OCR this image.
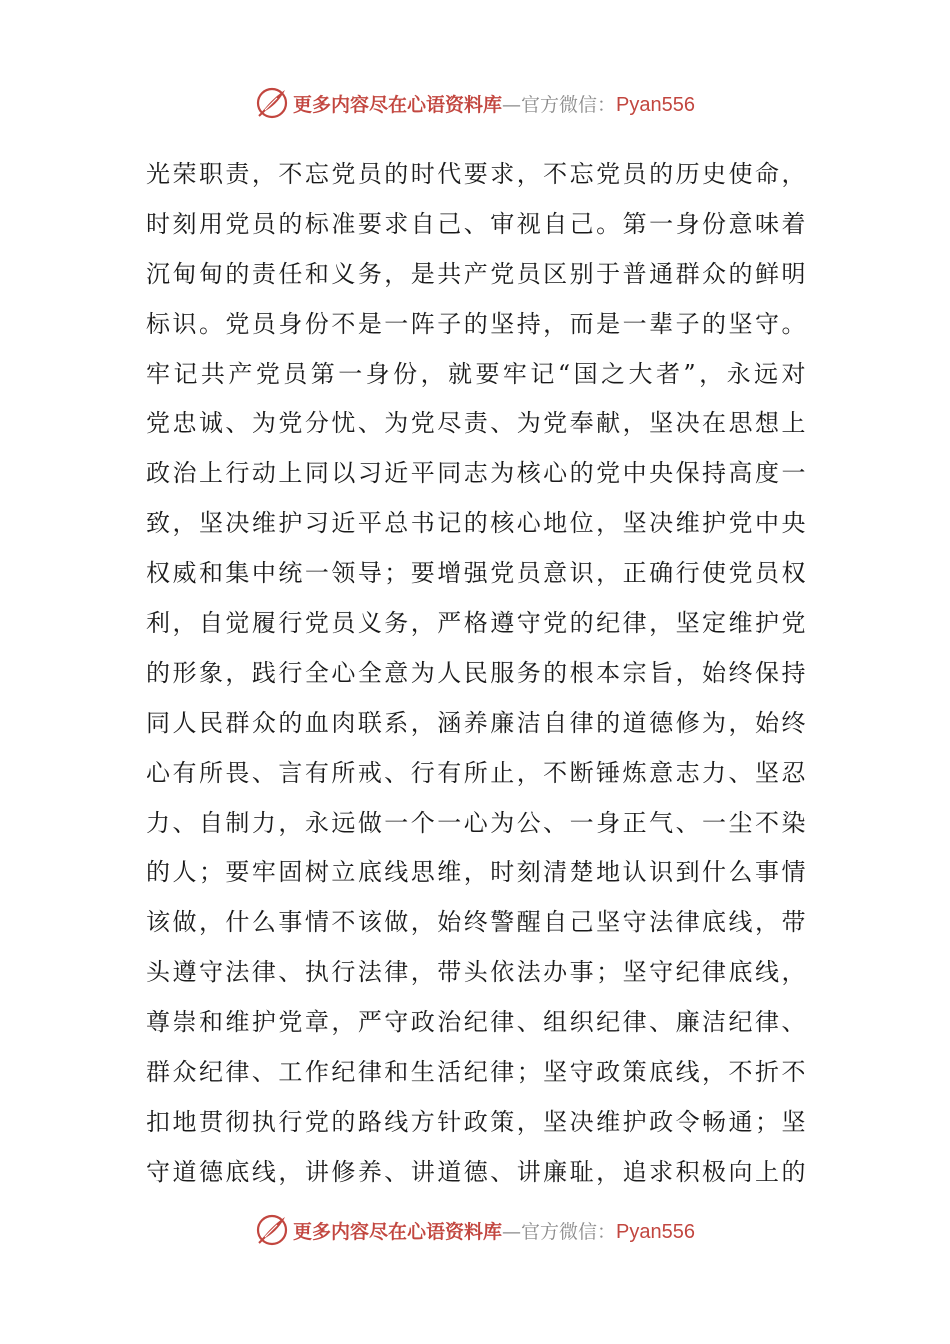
更多内容尽在心语资料库 — 官方微信： Pyan556
光荣职责，不忘党员的时代要求，不忘党员的历史使命，
时刻用党员的标准要求自己、审视自己。第一身份意味着
沉甸甸的责任和义务，是共产党员区别于普通群众的鲜明
标识。党员身份不是一阵子的坚持，而是一辈子的坚守。
牢记共产党员第一身份，就要牢记“国之大者”，永远对
党忠诚、为党分忧、为党尽责、为党奉献，坚决在思想上
政治上行动上同以习近平同志为核心的党中央保持高度一
致，坚决维护习近平总书记的核心地位，坚决维护党中央
权威和集中统一领导；要增强党员意识，正确行使党员权
利，自觉履行党员义务，严格遵守党的纪律，坚定维护党
的形象，践行全心全意为人民服务的根本宗旨，始终保持
同人民群众的血肉联系，涵养廉洁自律的道德修为，始终
心有所畏、言有所戒、行有所止，不断锤炼意志力、坚忍
力、自制力，永远做一个一心为公、一身正气、一尘不染
的人；要牢固树立底线思维，时刻清楚地认识到什么事情
该做，什么事情不该做，始终警醒自己坚守法律底线，带
头遵守法律、执行法律，带头依法办事；坚守纪律底线，
尊崇和维护党章，严守政治纪律、组织纪律、廉洁纪律、
群众纪律、工作纪律和生活纪律；坚守政策底线，不折不
扣地贯彻执行党的路线方针政策，坚决维护政令畅通；坚
守道德底线，讲修养、讲道德、讲廉耻，追求积极向上的
更多内容尽在心语资料库 — 官方微信： Pyan556
